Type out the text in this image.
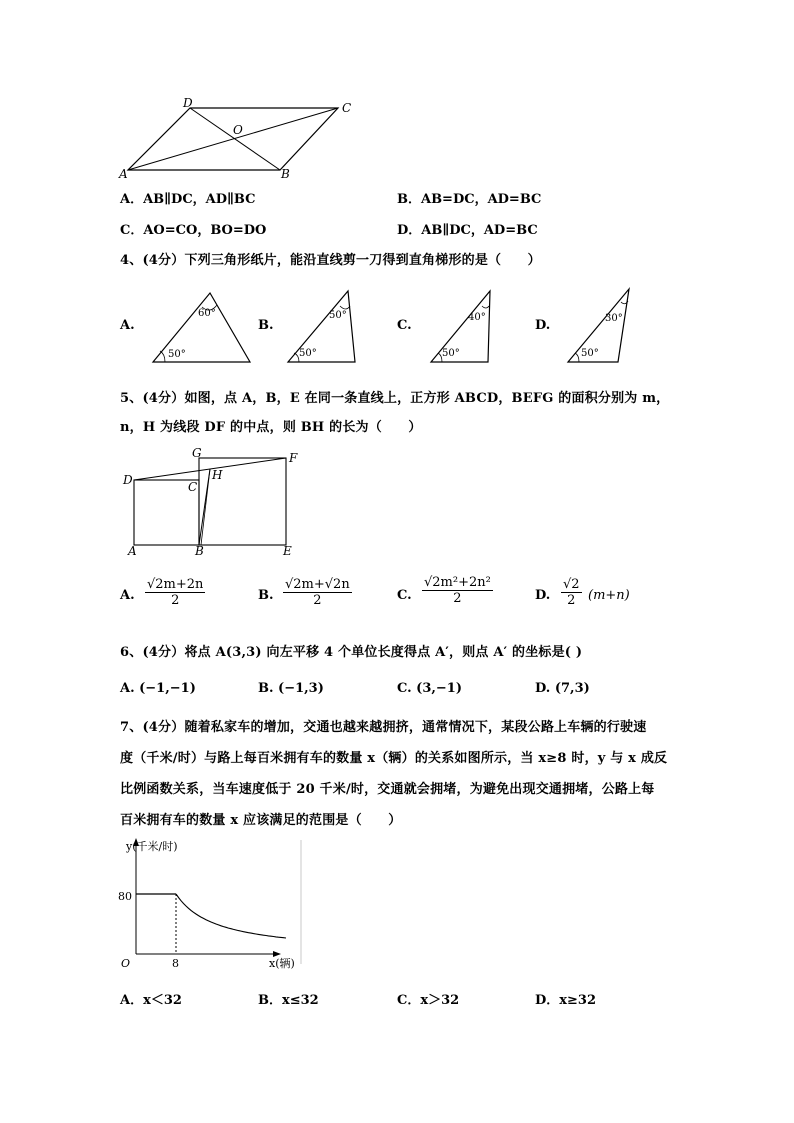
D	C
O
A	B
A．AB∥DC，AD∥BC	B．AB=DC，AD=BC
C．AO=CO，BO=DO	D．AB∥DC，AD=BC
4、(4分）下列三角形纸片，能沿直线剪一刀得到直角梯形的是（　　）
A.
60°
50°
B.
50°
50°
C.
40°
50°
D.	30°
50°
5、(4分）如图，点 A，B，E 在同一条直线上，正方形 ABCD，BEFG 的面积分别为 m，
n，H 为线段 DF 的中点，则 BH 的长为（　　）
G	F
D	C
H
A	B	E
A. $\frac{√2m+2n}{2}$	B. $\frac{√2m+√2n}{2}$	C. $\frac{\text{√2m²+2n²}}{2}$	D. $\frac{√2}{2} (m+n)$
6、(4分）将点 A(3,3) 向左平移 4 个单位长度得点 A′，则点 A′ 的坐标是( )
A. (−1,−1)	B. (−1,3)	C. (3,−1)	D. (7,3)
7、(4分）随着私家车的增加，交通也越来越拥挤，通常情况下，某段公路上车辆的行驶速
度（千米/时）与路上每百米拥有车的数量 x（辆）的关系如图所示，当 x≥8 时，y 与 x 成反
比例函数关系，当车速度低于 20 千米/时，交通就会拥堵，为避免出现交通拥堵，公路上每
百米拥有车的数量 x 应该满足的范围是（　　）
y(千米/时)
x(辆)
O
80
8
A．x＜32	B．x≤32	C．x＞32	D．x≥32
